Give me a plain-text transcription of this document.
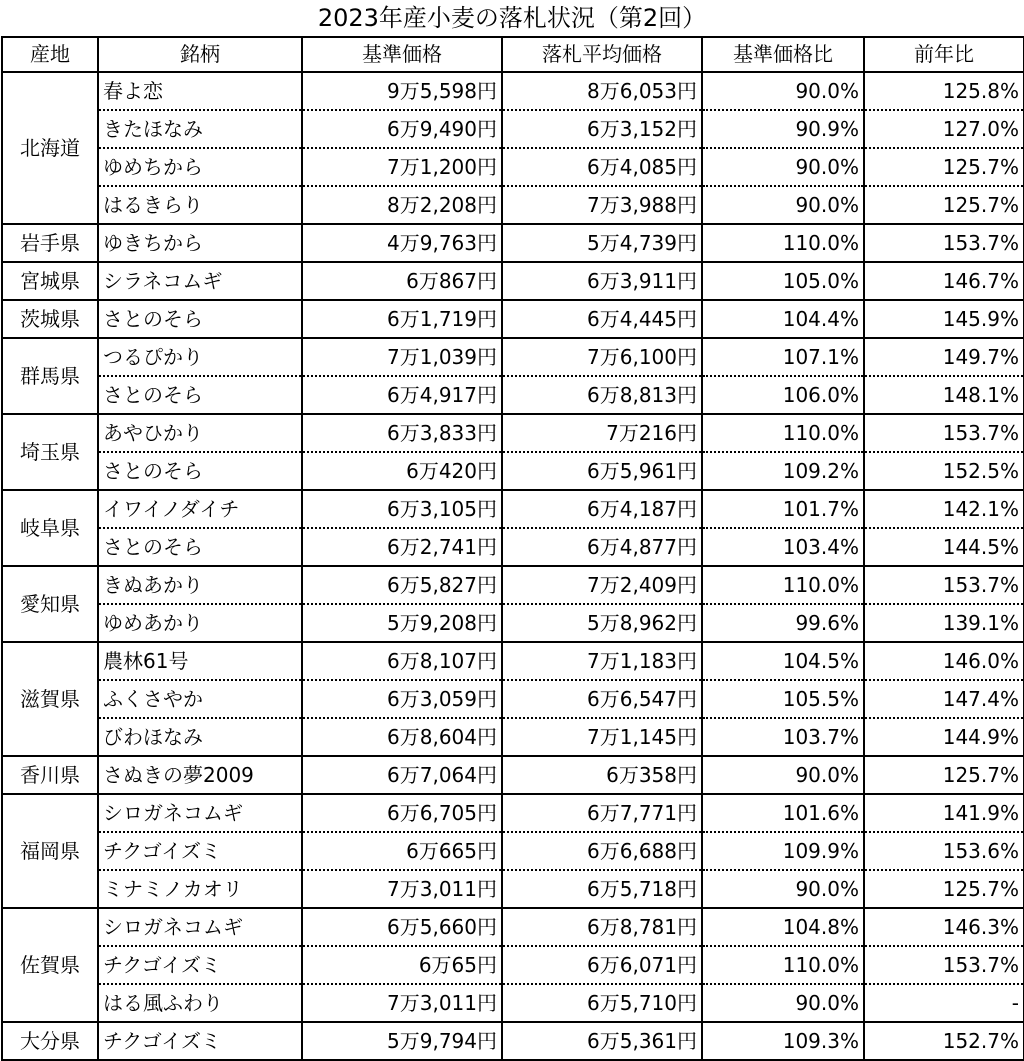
2023年産小麦の落札状況（第2回）
産地	銘柄	基準価格	落札平均価格	基準価格比	前年比
北海道	春よ恋	9万5,598円	8万6,053円	90.0%	125.8%
	きたほなみ	6万9,490円	6万3,152円	90.9%	127.0%
	ゆめちから	7万1,200円	6万4,085円	90.0%	125.7%
	はるきらり	8万2,208円	7万3,988円	90.0%	125.7%
岩手県	ゆきちから	4万9,763円	5万4,739円	110.0%	153.7%
宮城県	シラネコムギ	6万867円	6万3,911円	105.0%	146.7%
茨城県	さとのそら	6万1,719円	6万4,445円	104.4%	145.9%
群馬県	つるぴかり	7万1,039円	7万6,100円	107.1%	149.7%
	さとのそら	6万4,917円	6万8,813円	106.0%	148.1%
埼玉県	あやひかり	6万3,833円	7万216円	110.0%	153.7%
	さとのそら	6万420円	6万5,961円	109.2%	152.5%
岐阜県	イワイノダイチ	6万3,105円	6万4,187円	101.7%	142.1%
	さとのそら	6万2,741円	6万4,877円	103.4%	144.5%
愛知県	きぬあかり	6万5,827円	7万2,409円	110.0%	153.7%
	ゆめあかり	5万9,208円	5万8,962円	99.6%	139.1%
滋賀県	農林61号	6万8,107円	7万1,183円	104.5%	146.0%
	ふくさやか	6万3,059円	6万6,547円	105.5%	147.4%
	びわほなみ	6万8,604円	7万1,145円	103.7%	144.9%
香川県	さぬきの夢2009	6万7,064円	6万358円	90.0%	125.7%
福岡県	シロガネコムギ	6万6,705円	6万7,771円	101.6%	141.9%
	チクゴイズミ	6万665円	6万6,688円	109.9%	153.6%
	ミナミノカオリ	7万3,011円	6万5,718円	90.0%	125.7%
佐賀県	シロガネコムギ	6万5,660円	6万8,781円	104.8%	146.3%
	チクゴイズミ	6万65円	6万6,071円	110.0%	153.7%
	はる風ふわり	7万3,011円	6万5,710円	90.0%	-
大分県	チクゴイズミ	5万9,794円	6万5,361円	109.3%	152.7%
